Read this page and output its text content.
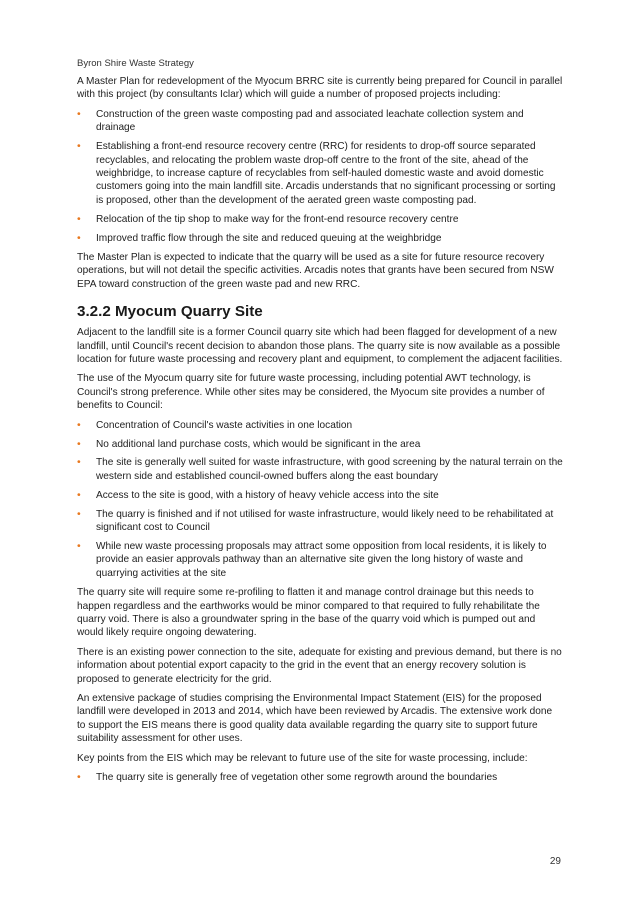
Byron Shire Waste Strategy

A Master Plan for redevelopment of the Myocum BRRC site is currently being prepared for Council in parallel with this project (by consultants Iclar) which will guide a number of proposed projects including:

• Construction of the green waste composting pad and associated leachate collection system and drainage
• Establishing a front-end resource recovery centre (RRC) for residents to drop-off source separated recyclables, and relocating the problem waste drop-off centre to the front of the site, ahead of the weighbridge, to increase capture of recyclables from self-hauled domestic waste and avoid domestic customers going into the main landfill site. Arcadis understands that no significant processing or sorting is proposed, other than the development of the aerated green waste composting pad.
• Relocation of the tip shop to make way for the front-end resource recovery centre
• Improved traffic flow through the site and reduced queuing at the weighbridge

The Master Plan is expected to indicate that the quarry will be used as a site for future resource recovery operations, but will not detail the specific activities. Arcadis notes that grants have been secured from NSW EPA toward construction of the green waste pad and new RRC.

3.2.2 Myocum Quarry Site

Adjacent to the landfill site is a former Council quarry site which had been flagged for development of a new landfill, until Council's recent decision to abandon those plans. The quarry site is now available as a possible location for future waste processing and recovery plant and equipment, to complement the adjacent facilities.

The use of the Myocum quarry site for future waste processing, including potential AWT technology, is Council's strong preference. While other sites may be considered, the Myocum site provides a number of benefits to Council:

• Concentration of Council's waste activities in one location
• No additional land purchase costs, which would be significant in the area
• The site is generally well suited for waste infrastructure, with good screening by the natural terrain on the western side and established council-owned buffers along the east boundary
• Access to the site is good, with a history of heavy vehicle access into the site
• The quarry is finished and if not utilised for waste infrastructure, would likely need to be rehabilitated at significant cost to Council
• While new waste processing proposals may attract some opposition from local residents, it is likely to provide an easier approvals pathway than an alternative site given the long history of waste and quarrying activities at the site

The quarry site will require some re-profiling to flatten it and manage control drainage but this needs to happen regardless and the earthworks would be minor compared to that required to fully rehabilitate the quarry void. There is also a groundwater spring in the base of the quarry void which is pumped out and would likely require ongoing dewatering.

There is an existing power connection to the site, adequate for existing and previous demand, but there is no information about potential export capacity to the grid in the event that an energy recovery solution is proposed to generate electricity for the grid.

An extensive package of studies comprising the Environmental Impact Statement (EIS) for the proposed landfill were developed in 2013 and 2014, which have been reviewed by Arcadis. The extensive work done to support the EIS means there is good quality data available regarding the quarry site to support future suitability assessment for other uses.

Key points from the EIS which may be relevant to future use of the site for waste processing, include:

• The quarry site is generally free of vegetation other some regrowth around the boundaries
29
